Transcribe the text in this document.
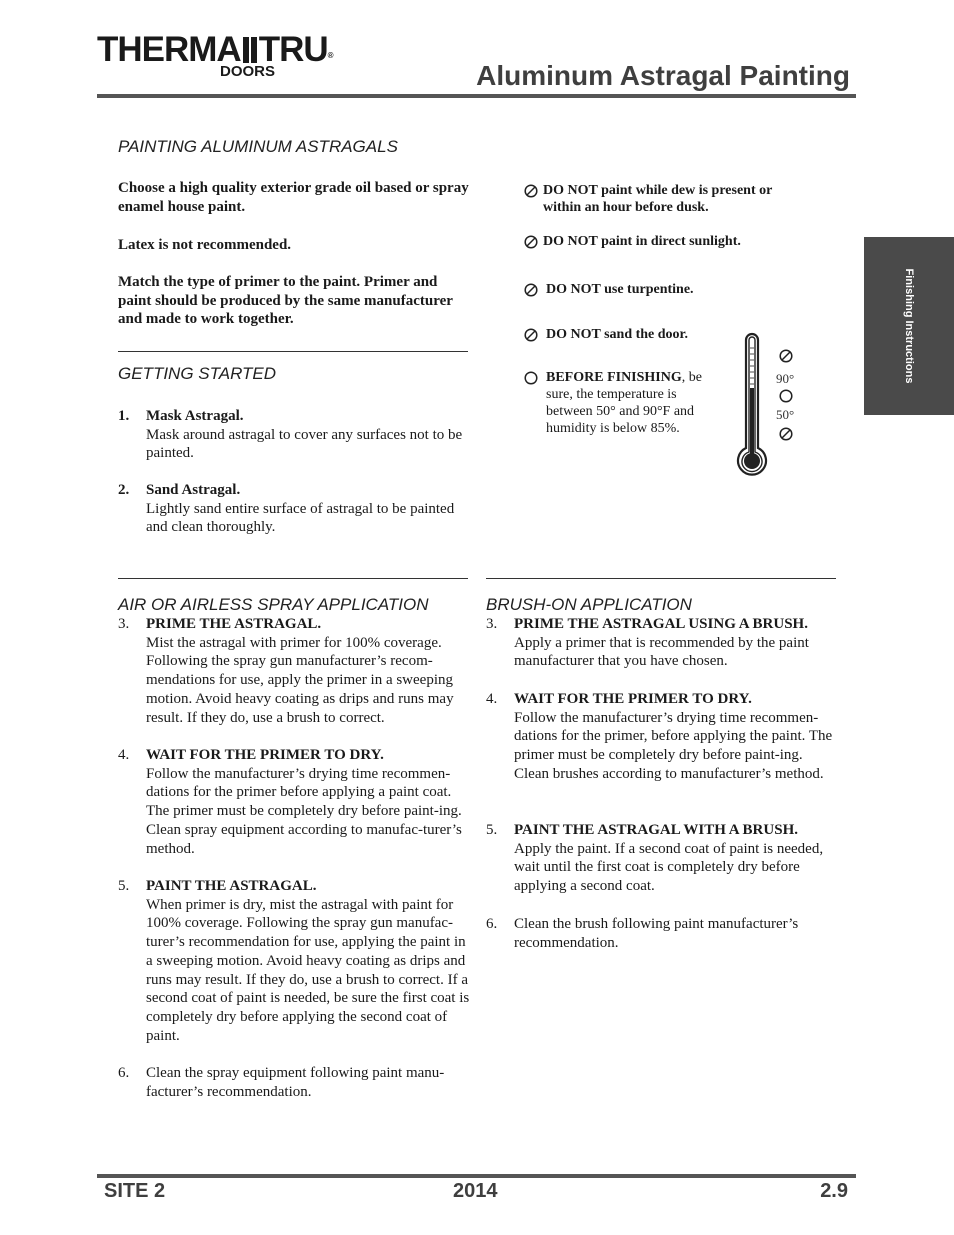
THERMA TRU®
DOORS	Aluminum Astragal Painting
Finishing Instructions
PAINTING ALUMINUM ASTRAGALS
Choose a high quality exterior grade oil based or spray enamel house paint.
Latex is not recommended.
Match the type of primer to the paint. Primer and paint should be produced by the same manufacturer and made to work together.
DO NOT paint while dew is present or within an hour before dusk.
DO NOT paint in direct sunlight.
DO NOT use turpentine.
DO NOT sand the door.
BEFORE FINISHING, be sure, the temperature is between 50° and 90°F and humidity is below 85%.
90°
50°
GETTING STARTED
1. Mask Astragal.
Mask around astragal to cover any surfaces not to be painted.
2. Sand Astragal.
Lightly sand entire surface of astragal to be painted and clean thoroughly.
AIR OR AIRLESS SPRAY APPLICATION
3. PRIME THE ASTRAGAL.
Mist the astragal with primer for 100% coverage. Following the spray gun manufacturer’s recom-mendations for use, apply the primer in a sweeping motion. Avoid heavy coating as drips and runs may result. If they do, use a brush to correct.
4. WAIT FOR THE PRIMER TO DRY.
Follow the manufacturer’s drying time recommen-dations for the primer before applying a paint coat. The primer must be completely dry before paint-ing. Clean spray equipment according to manufac-turer’s method.
5. PAINT THE ASTRAGAL.
When primer is dry, mist the astragal with paint for 100% coverage. Following the spray gun manufac-turer’s recommendation for use, applying the paint in a sweeping motion. Avoid heavy coating as drips and runs may result. If they do, use a brush to correct. If a second coat of paint is needed, be sure the first coat is completely dry before applying the second coat of paint.
6. Clean the spray equipment following paint manu-facturer’s recommendation.
BRUSH-ON APPLICATION
3. PRIME THE ASTRAGAL USING A BRUSH.
Apply a primer that is recommended by the paint manufacturer that you have chosen.
4. WAIT FOR THE PRIMER TO DRY.
Follow the manufacturer’s drying time recommen-dations for the primer, before applying the paint. The primer must be completely dry before paint-ing. Clean brushes according to manufacturer’s method.
5. PAINT THE ASTRAGAL WITH A BRUSH.
Apply the paint. If a second coat of paint is needed, wait until the first coat is completely dry before applying a second coat.
6. Clean the brush following paint manufacturer’s recommendation.
SITE 2	2014	2.9
